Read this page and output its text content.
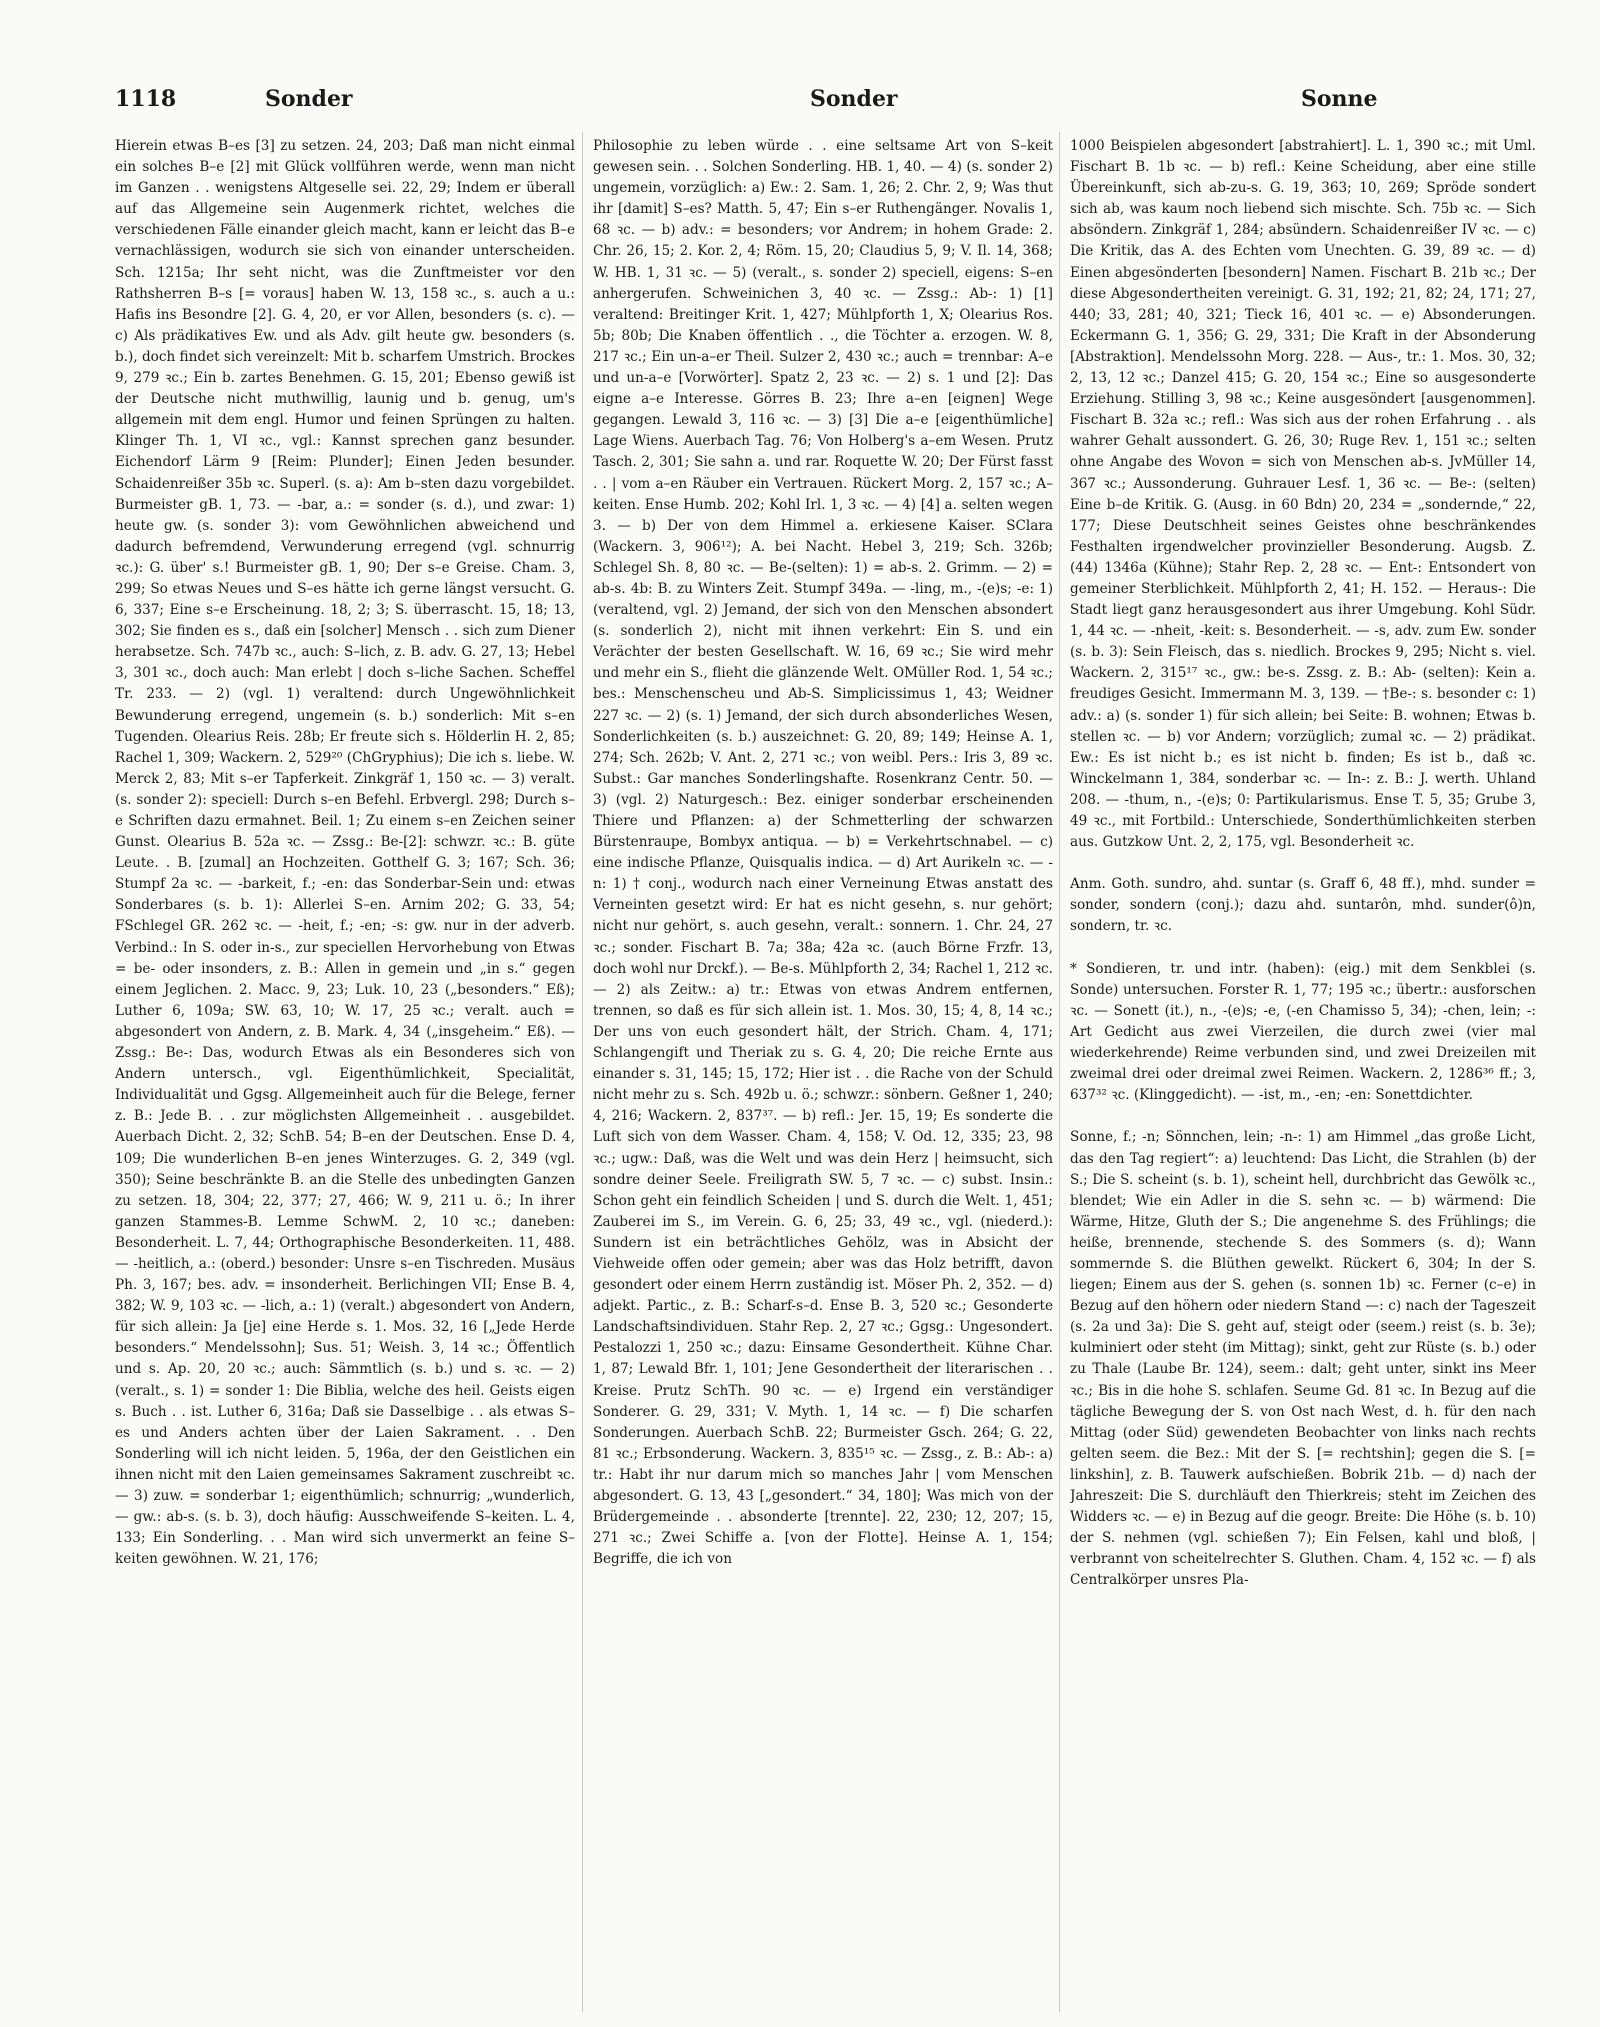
1118	Sonder	Sonder	Sonne

Hierein etwas B–es [3] zu setzen. 24, 203; Daß man nicht einmal ein solches B–e [2] mit Glück vollführen werde, wenn man nicht im Ganzen . . wenigstens Altgeselle sei. 22, 29; Indem er überall auf das Allgemeine sein Augenmerk richtet, welches die verschiedenen Fälle einander gleich macht, kann er leicht das B–e vernachlässigen, wodurch sie sich von einander unterscheiden. Sch. 1215a; Ihr seht nicht, was die Zunftmeister vor den Rathsherren B–s [= voraus] haben W. 13, 158 ꝛc., s. auch a u.: Hafis ins Besondre [2]. G. 4, 20, er vor Allen, besonders (s. c). — c) Als prädikatives Ew. und als Adv. gilt heute gw. besonders (s. b.), doch findet sich vereinzelt: Mit b. scharfem Umstrich. Brockes 9, 279 ꝛc.; Ein b. zartes Benehmen. G. 15, 201; Ebenso gewiß ist der Deutsche nicht muthwillig, launig und b. genug, um's allgemein mit dem engl. Humor und feinen Sprüngen zu halten. Klinger Th. 1, VI ꝛc., vgl.: Kannst sprechen ganz besunder. Eichendorf Lärm 9 [Reim: Plunder]; Einen Jeden besunder. Schaidenreißer 35b ꝛc. Superl. (s. a): Am b–sten dazu vorgebildet. Burmeister gB. 1, 73. — -bar, a.: = sonder (s. d.), und zwar: 1) heute gw. (s. sonder 3): vom Gewöhnlichen abweichend und dadurch befremdend, Verwunderung erregend (vgl. schnurrig ꝛc.): G. über' s.! Burmeister gB. 1, 90; Der s–e Greise. Cham. 3, 299; So etwas Neues und S–es hätte ich gerne längst versucht. G. 6, 337; Eine s–e Erscheinung. 18, 2; 3; S. überrascht. 15, 18; 13, 302; Sie finden es s., daß ein [solcher] Mensch . . sich zum Diener herabsetze. Sch. 747b ꝛc., auch: S–lich, z. B. adv. G. 27, 13; Hebel 3, 301 ꝛc., doch auch: Man erlebt | doch s–liche Sachen. Scheffel Tr. 233. — 2) (vgl. 1) veraltend: durch Ungewöhnlichkeit Bewunderung erregend, ungemein (s. b.) sonderlich: Mit s–en Tugenden. Olearius Reis. 28b; Er freute sich s. Hölderlin H. 2, 85; Rachel 1, 309; Wackern. 2, 529²⁰ (ChGryphius); Die ich s. liebe. W. Merck 2, 83; Mit s–er Tapferkeit. Zinkgräf 1, 150 ꝛc. — 3) veralt. (s. sonder 2): speciell: Durch s–en Befehl. Erbvergl. 298; Durch s–e Schriften dazu ermahnet. Beil. 1; Zu einem s–en Zeichen seiner Gunst. Olearius B. 52a ꝛc. — Zssg.: Be-[2]: schwzr. ꝛc.: B. güte Leute. . B. [zumal] an Hochzeiten. Gotthelf G. 3; 167; Sch. 36; Stumpf 2a ꝛc. — -barkeit, f.; -en: das Sonderbar-Sein und: etwas Sonderbares (s. b. 1): Allerlei S–en. Arnim 202; G. 33, 54; FSchlegel GR. 262 ꝛc. — -heit, f.; -en; -s: gw. nur in der adverb. Verbind.: In S. oder in-s., zur speciellen Hervorhebung von Etwas = be- oder insonders, z. B.: Allen in gemein und „in s.“ gegen einem Jeglichen. 2. Macc. 9, 23; Luk. 10, 23 („besonders.“ Eß); Luther 6, 109a; SW. 63, 10; W. 17, 25 ꝛc.; veralt. auch = abgesondert von Andern, z. B. Mark. 4, 34 („insgeheim.“ Eß). — Zssg.: Be-: Das, wodurch Etwas als ein Besonderes sich von Andern untersch., vgl. Eigenthümlichkeit, Specialität, Individualität und Ggsg. Allgemeinheit auch für die Belege, ferner z. B.: Jede B. . . zur möglichsten Allgemeinheit . . ausgebildet. Auerbach Dicht. 2, 32; SchB. 54; B–en der Deutschen. Ense D. 4, 109; Die wunderlichen B–en jenes Winterzuges. G. 2, 349 (vgl. 350); Seine beschränkte B. an die Stelle des unbedingten Ganzen zu setzen. 18, 304; 22, 377; 27, 466; W. 9, 211 u. ö.; In ihrer ganzen Stammes-B. Lemme SchwM. 2, 10 ꝛc.; daneben: Besonderheit. L. 7, 44; Orthographische Besonderkeiten. 11, 488. — -heitlich, a.: (oberd.) besonder: Unsre s–en Tischreden. Musäus Ph. 3, 167; bes. adv. = insonderheit. Berlichingen VII; Ense B. 4, 382; W. 9, 103 ꝛc. — -lich, a.: 1) (veralt.) abgesondert von Andern, für sich allein: Ja [je] eine Herde s. 1. Mos. 32, 16 [„Jede Herde besonders.“ Mendelssohn]; Sus. 51; Weish. 3, 14 ꝛc.; Öffentlich und s. Ap. 20, 20 ꝛc.; auch: Sämmtlich (s. b.) und s. ꝛc. — 2) (veralt., s. 1) = sonder 1: Die Biblia, welche des heil. Geists eigen s. Buch . . ist. Luther 6, 316a; Daß sie Dasselbige . . als etwas S–es und Anders achten über der Laien Sakrament. . . Den Sonderling will ich nicht leiden. 5, 196a, der den Geistlichen ein ihnen nicht mit den Laien gemeinsames Sakrament zuschreibt ꝛc. — 3) zuw. = sonderbar 1; eigenthümlich; schnurrig; „wunderlich, — gw.: ab-s. (s. b. 3), doch häufig: Ausschweifende S–keiten. L. 4, 133; Ein Sonderling. . . Man wird sich unvermerkt an feine S–keiten gewöhnen. W. 21, 176;

Philosophie zu leben würde . . eine seltsame Art von S–keit gewesen sein. . . Solchen Sonderling. HB. 1, 40. — 4) (s. sonder 2) ungemein, vorzüglich: a) Ew.: 2. Sam. 1, 26; 2. Chr. 2, 9; Was thut ihr [damit] S–es? Matth. 5, 47; Ein s–er Ruthengänger. Novalis 1, 68 ꝛc. — b) adv.: = besonders; vor Andrem; in hohem Grade: 2. Chr. 26, 15; 2. Kor. 2, 4; Röm. 15, 20; Claudius 5, 9; V. Il. 14, 368; W. HB. 1, 31 ꝛc. — 5) (veralt., s. sonder 2) speciell, eigens: S–en anhergerufen. Schweinichen 3, 40 ꝛc. — Zssg.: Ab-: 1) [1] veraltend: Breitinger Krit. 1, 427; Mühlpforth 1, X; Olearius Ros. 5b; 80b; Die Knaben öffentlich . ., die Töchter a. erzogen. W. 8, 217 ꝛc.; Ein un-a–er Theil. Sulzer 2, 430 ꝛc.; auch = trennbar: A–e und un-a–e [Vorwörter]. Spatz 2, 23 ꝛc. — 2) s. 1 und [2]: Das eigne a–e Interesse. Görres B. 23; Ihre a–en [eignen] Wege gegangen. Lewald 3, 116 ꝛc. — 3) [3] Die a–e [eigenthümliche] Lage Wiens. Auerbach Tag. 76; Von Holberg's a–em Wesen. Prutz Tasch. 2, 301; Sie sahn a. und rar. Roquette W. 20; Der Fürst fasst . . | vom a–en Räuber ein Vertrauen. Rückert Morg. 2, 157 ꝛc.; A–keiten. Ense Humb. 202; Kohl Irl. 1, 3 ꝛc. — 4) [4] a. selten wegen 3. — b) Der von dem Himmel a. erkiesene Kaiser. SClara (Wackern. 3, 906¹²); A. bei Nacht. Hebel 3, 219; Sch. 326b; Schlegel Sh. 8, 80 ꝛc. — Be-(selten): 1) = ab-s. 2. Grimm. — 2) = ab-s. 4b: B. zu Winters Zeit. Stumpf 349a. — -ling, m., -(e)s; -e: 1) (veraltend, vgl. 2) Jemand, der sich von den Menschen absondert (s. sonderlich 2), nicht mit ihnen verkehrt: Ein S. und ein Verächter der besten Gesellschaft. W. 16, 69 ꝛc.; Sie wird mehr und mehr ein S., flieht die glänzende Welt. OMüller Rod. 1, 54 ꝛc.; bes.: Menschenscheu und Ab-S. Simplicissimus 1, 43; Weidner 227 ꝛc. — 2) (s. 1) Jemand, der sich durch absonderliches Wesen, Sonderlichkeiten (s. b.) auszeichnet: G. 20, 89; 149; Heinse A. 1, 274; Sch. 262b; V. Ant. 2, 271 ꝛc.; von weibl. Pers.: Iris 3, 89 ꝛc. Subst.: Gar manches Sonderlingshafte. Rosenkranz Centr. 50. — 3) (vgl. 2) Naturgesch.: Bez. einiger sonderbar erscheinenden Thiere und Pflanzen: a) der Schmetterling der schwarzen Bürstenraupe, Bombyx antiqua. — b) = Verkehrtschnabel. — c) eine indische Pflanze, Quisqualis indica. — d) Art Aurikeln ꝛc. — -n: 1) † conj., wodurch nach einer Verneinung Etwas anstatt des Verneinten gesetzt wird: Er hat es nicht gesehn, s. nur gehört; nicht nur gehört, s. auch gesehn, veralt.: sonnern. 1. Chr. 24, 27 ꝛc.; sonder. Fischart B. 7a; 38a; 42a ꝛc. (auch Börne Frzfr. 13, doch wohl nur Drckf.). — Be-s. Mühlpforth 2, 34; Rachel 1, 212 ꝛc. — 2) als Zeitw.: a) tr.: Etwas von etwas Andrem entfernen, trennen, so daß es für sich allein ist. 1. Mos. 30, 15; 4, 8, 14 ꝛc.; Der uns von euch gesondert hält, der Strich. Cham. 4, 171; Schlangengift und Theriak zu s. G. 4, 20; Die reiche Ernte aus einander s. 31, 145; 15, 172; Hier ist . . die Rache von der Schuld nicht mehr zu s. Sch. 492b u. ö.; schwzr.: sönbern. Geßner 1, 240; 4, 216; Wackern. 2, 837³⁷. — b) refl.: Jer. 15, 19; Es sonderte die Luft sich von dem Wasser. Cham. 4, 158; V. Od. 12, 335; 23, 98 ꝛc.; ugw.: Daß, was die Welt und was dein Herz | heimsucht, sich sondre deiner Seele. Freiligrath SW. 5, 7 ꝛc. — c) subst. Insin.: Schon geht ein feindlich Scheiden | und S. durch die Welt. 1, 451; Zauberei im S., im Verein. G. 6, 25; 33, 49 ꝛc., vgl. (niederd.): Sundern ist ein beträchtliches Gehölz, was in Absicht der Viehweide offen oder gemein; aber was das Holz betrifft, davon gesondert oder einem Herrn zuständig ist. Möser Ph. 2, 352. — d) adjekt. Partic., z. B.: Scharf-s–d. Ense B. 3, 520 ꝛc.; Gesonderte Landschaftsindividuen. Stahr Rep. 2, 27 ꝛc.; Ggsg.: Ungesondert. Pestalozzi 1, 250 ꝛc.; dazu: Einsame Gesondertheit. Kühne Char. 1, 87; Lewald Bfr. 1, 101; Jene Gesondertheit der literarischen . . Kreise. Prutz SchTh. 90 ꝛc. — e) Irgend ein verständiger Sonderer. G. 29, 331; V. Myth. 1, 14 ꝛc. — f) Die scharfen Sonderungen. Auerbach SchB. 22; Burmeister Gsch. 264; G. 22, 81 ꝛc.; Erbsonderung. Wackern. 3, 835¹⁵ ꝛc. — Zssg., z. B.: Ab-: a) tr.: Habt ihr nur darum mich so manches Jahr | vom Menschen abgesondert. G. 13, 43 [„gesondert.“ 34, 180]; Was mich von der Brüdergemeinde . . absonderte [trennte]. 22, 230; 12, 207; 15, 271 ꝛc.; Zwei Schiffe a. [von der Flotte]. Heinse A. 1, 154; Begriffe, die ich von

1000 Beispielen abgesondert [abstrahiert]. L. 1, 390 ꝛc.; mit Uml. Fischart B. 1b ꝛc. — b) refl.: Keine Scheidung, aber eine stille Übereinkunft, sich ab-zu-s. G. 19, 363; 10, 269; Spröde sondert sich ab, was kaum noch liebend sich mischte. Sch. 75b ꝛc. — Sich absöndern. Zinkgräf 1, 284; absündern. Schaidenreißer IV ꝛc. — c) Die Kritik, das A. des Echten vom Unechten. G. 39, 89 ꝛc. — d) Einen abgesönderten [besondern] Namen. Fischart B. 21b ꝛc.; Der diese Abgesondertheiten vereinigt. G. 31, 192; 21, 82; 24, 171; 27, 440; 33, 281; 40, 321; Tieck 16, 401 ꝛc. — e) Absonderungen. Eckermann G. 1, 356; G. 29, 331; Die Kraft in der Absonderung [Abstraktion]. Mendelssohn Morg. 228. — Aus-, tr.: 1. Mos. 30, 32; 2, 13, 12 ꝛc.; Danzel 415; G. 20, 154 ꝛc.; Eine so ausgesonderte Erziehung. Stilling 3, 98 ꝛc.; Keine ausgesöndert [ausgenommen]. Fischart B. 32a ꝛc.; refl.: Was sich aus der rohen Erfahrung . . als wahrer Gehalt aussondert. G. 26, 30; Ruge Rev. 1, 151 ꝛc.; selten ohne Angabe des Wovon = sich von Menschen ab-s. JvMüller 14, 367 ꝛc.; Aussonderung. Guhrauer Lesf. 1, 36 ꝛc. — Be-: (selten) Eine b–de Kritik. G. (Ausg. in 60 Bdn) 20, 234 = „sondernde,“ 22, 177; Diese Deutschheit seines Geistes ohne beschränkendes Festhalten irgendwelcher provinzieller Besonderung. Augsb. Z. (44) 1346a (Kühne); Stahr Rep. 2, 28 ꝛc. — Ent-: Entsondert von gemeiner Sterblichkeit. Mühlpforth 2, 41; H. 152. — Heraus-: Die Stadt liegt ganz herausgesondert aus ihrer Umgebung. Kohl Südr. 1, 44 ꝛc. — -nheit, -keit: s. Besonderheit. — -s, adv. zum Ew. sonder (s. b. 3): Sein Fleisch, das s. niedlich. Brockes 9, 295; Nicht s. viel. Wackern. 2, 315¹⁷ ꝛc., gw.: be-s. Zssg. z. B.: Ab- (selten): Kein a. freudiges Gesicht. Immermann M. 3, 139. — †Be-: s. besonder c: 1) adv.: a) (s. sonder 1) für sich allein; bei Seite: B. wohnen; Etwas b. stellen ꝛc. — b) vor Andern; vorzüglich; zumal ꝛc. — 2) prädikat. Ew.: Es ist nicht b.; es ist nicht b. finden; Es ist b., daß ꝛc. Winckelmann 1, 384, sonderbar ꝛc. — In-: z. B.: J. werth. Uhland 208. — -thum, n., -(e)s; 0: Partikularismus. Ense T. 5, 35; Grube 3, 49 ꝛc., mit Fortbild.: Unterschiede, Sonderthümlichkeiten sterben aus. Gutzkow Unt. 2, 2, 175, vgl. Besonderheit ꝛc.

Anm. Goth. sundro, ahd. suntar (s. Graff 6, 48 ff.), mhd. sunder = sonder, sondern (conj.); dazu ahd. suntarôn, mhd. sunder(ô)n, sondern, tr. ꝛc.

* Sondieren, tr. und intr. (haben): (eig.) mit dem Senkblei (s. Sonde) untersuchen. Forster R. 1, 77; 195 ꝛc.; übertr.: ausforschen ꝛc. — Sonett (it.), n., -(e)s; -e, (-en Chamisso 5, 34); -chen, lein; -: Art Gedicht aus zwei Vierzeilen, die durch zwei (vier mal wiederkehrende) Reime verbunden sind, und zwei Dreizeilen mit zweimal drei oder dreimal zwei Reimen. Wackern. 2, 1286³⁶ ff.; 3, 637³² ꝛc. (Klinggedicht). — -ist, m., -en; -en: Sonettdichter.

Sonne, f.; -n; Sönnchen, lein; -n-: 1) am Himmel „das große Licht, das den Tag regiert“: a) leuchtend: Das Licht, die Strahlen (b) der S.; Die S. scheint (s. b. 1), scheint hell, durchbricht das Gewölk ꝛc., blendet; Wie ein Adler in die S. sehn ꝛc. — b) wärmend: Die Wärme, Hitze, Gluth der S.; Die angenehme S. des Frühlings; die heiße, brennende, stechende S. des Sommers (s. d); Wann sommernde S. die Blüthen gewelkt. Rückert 6, 304; In der S. liegen; Einem aus der S. gehen (s. sonnen 1b) ꝛc. Ferner (c–e) in Bezug auf den höhern oder niedern Stand —: c) nach der Tageszeit (s. 2a und 3a): Die S. geht auf, steigt oder (seem.) reist (s. b. 3e); kulminiert oder steht (im Mittag); sinkt, geht zur Rüste (s. b.) oder zu Thale (Laube Br. 124), seem.: dalt; geht unter, sinkt ins Meer ꝛc.; Bis in die hohe S. schlafen. Seume Gd. 81 ꝛc. In Bezug auf die tägliche Bewegung der S. von Ost nach West, d. h. für den nach Mittag (oder Süd) gewendeten Beobachter von links nach rechts gelten seem. die Bez.: Mit der S. [= rechtshin]; gegen die S. [= linkshin], z. B. Tauwerk aufschießen. Bobrik 21b. — d) nach der Jahreszeit: Die S. durchläuft den Thierkreis; steht im Zeichen des Widders ꝛc. — e) in Bezug auf die geogr. Breite: Die Höhe (s. b. 10) der S. nehmen (vgl. schießen 7); Ein Felsen, kahl und bloß, | verbrannt von scheitelrechter S. Gluthen. Cham. 4, 152 ꝛc. — f) als Centralkörper unsres Pla-
